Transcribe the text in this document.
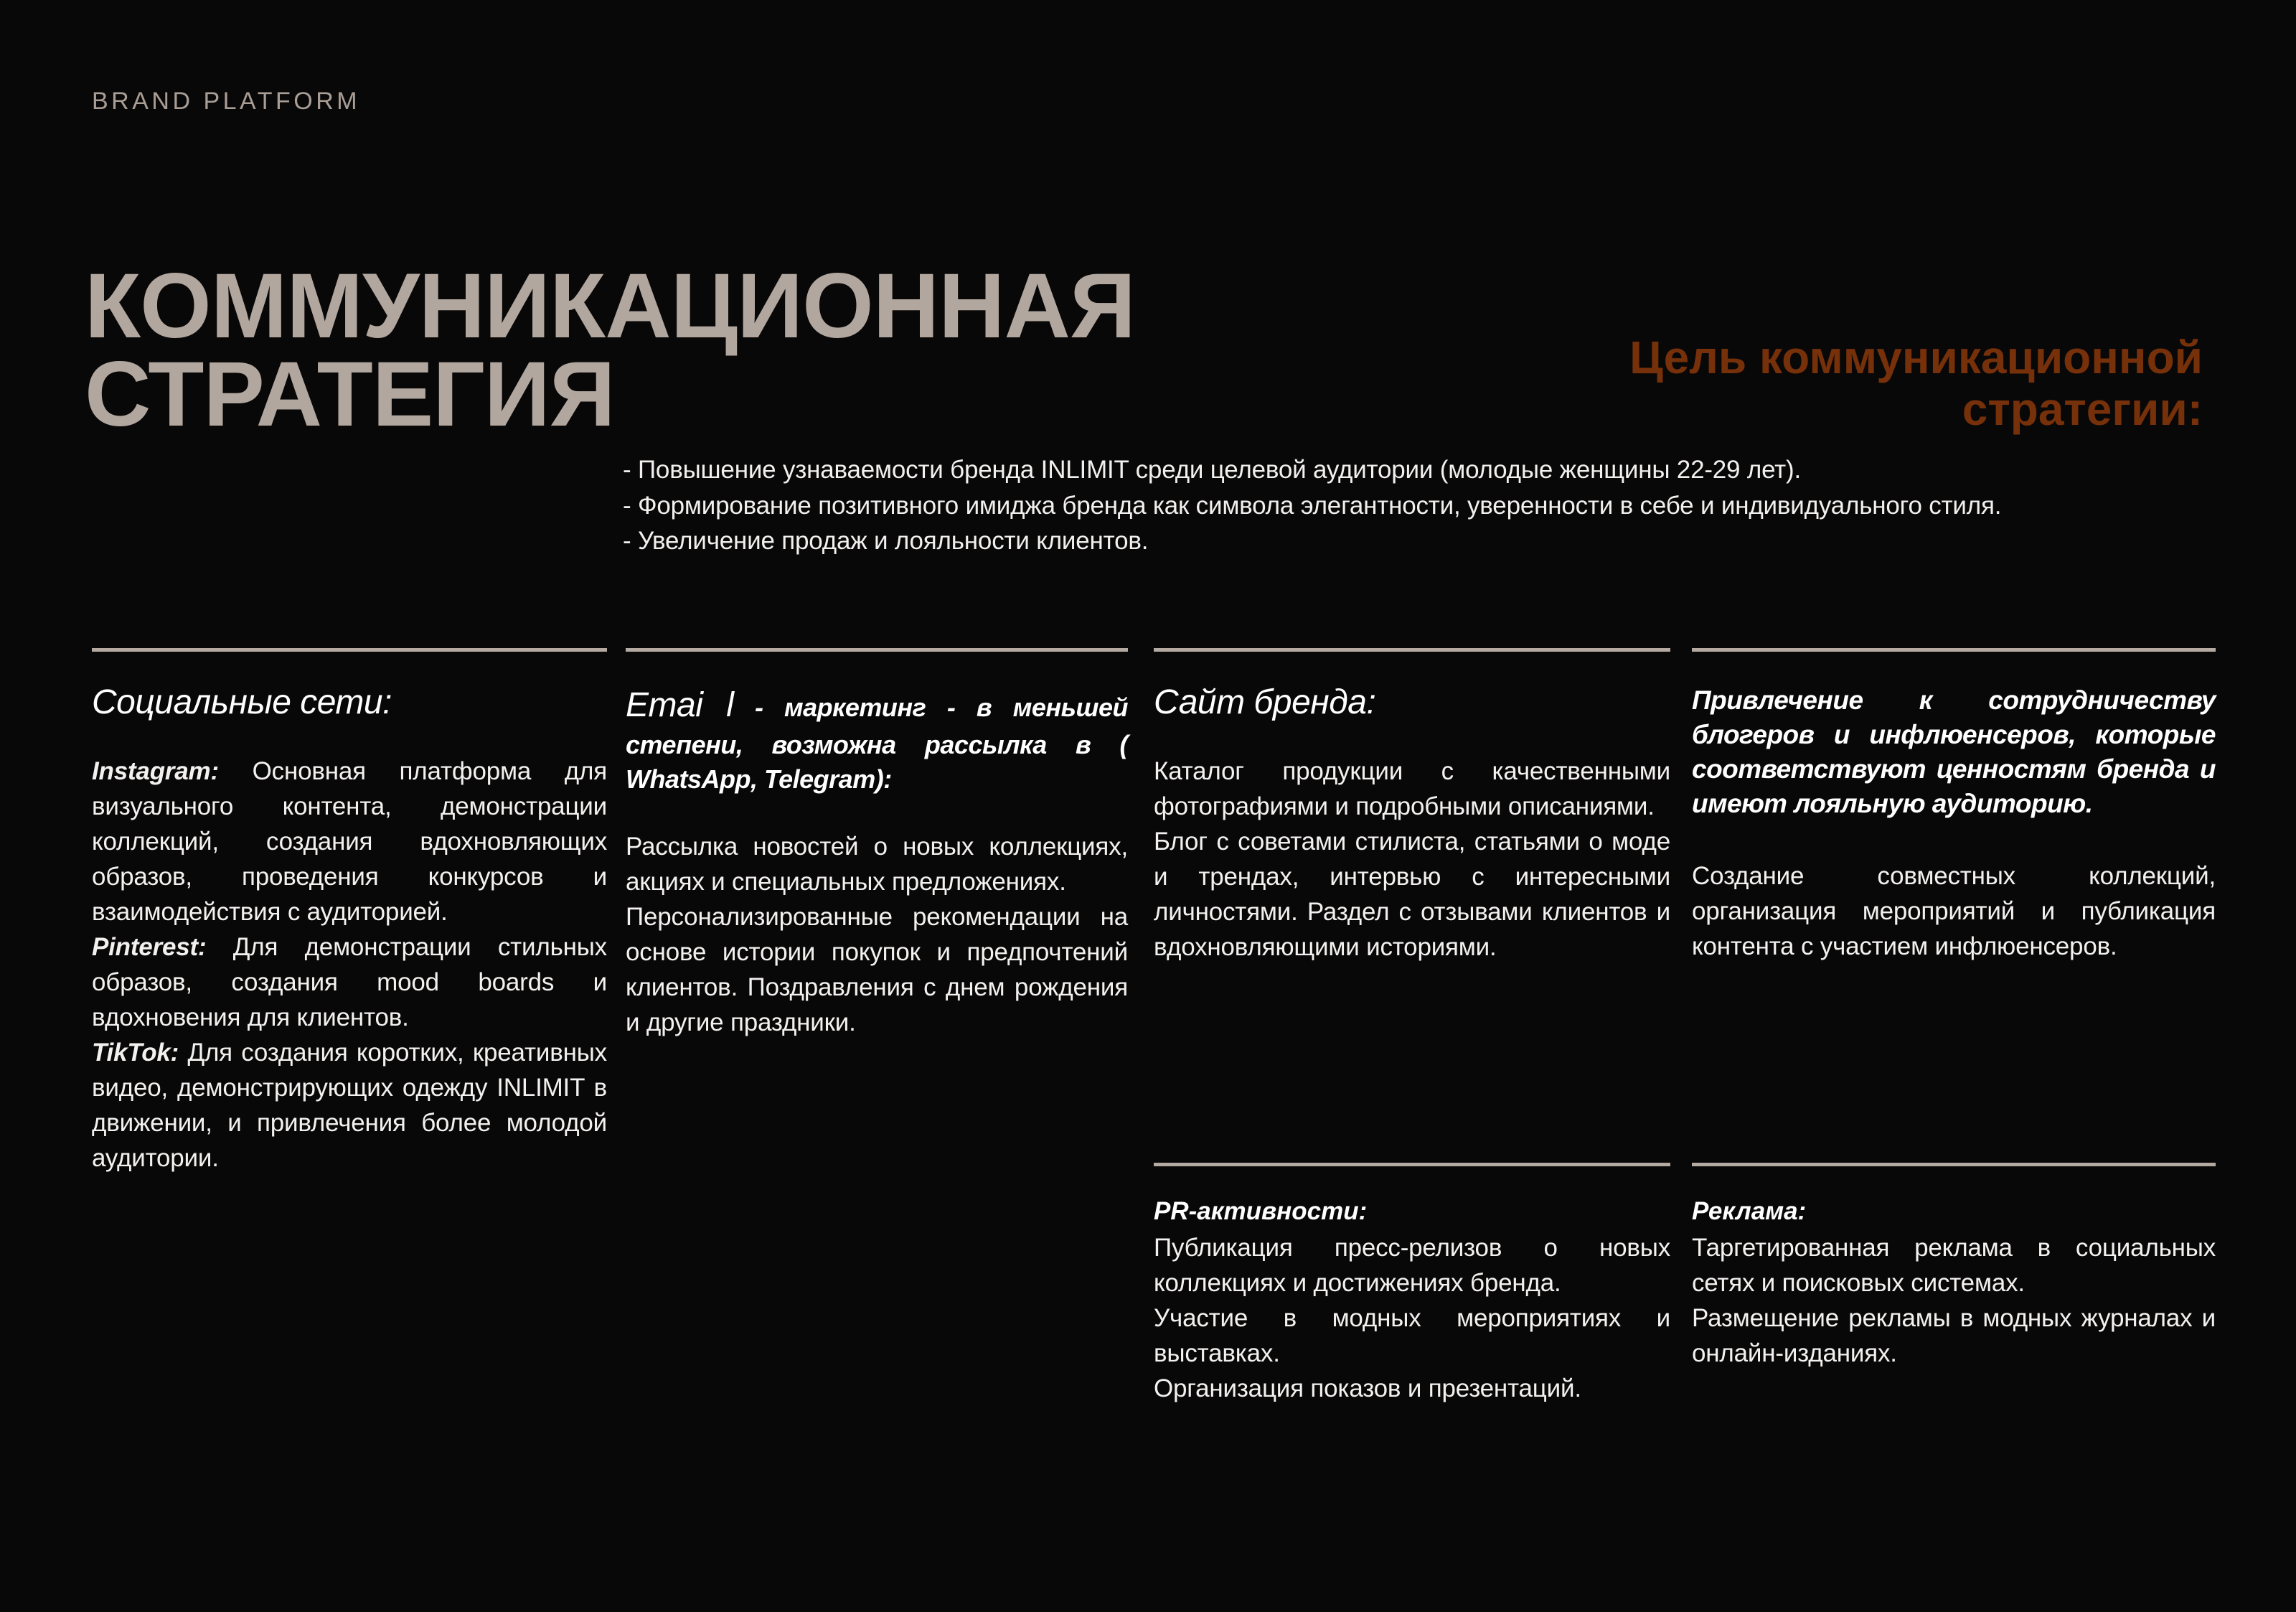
BRAND PLATFORM
КОММУНИКАЦИОННАЯ
СТРАТЕГИЯ	Цель коммуникационной
стратегии:

- Повышение узнаваемости бренда INLIMIT среди целевой аудитории (молодые женщины 22-29 лет).

- Формирование позитивного имиджа бренда как символа элегантности, уверенности в себе и индивидуального стиля.

- Увеличение продаж и лояльности клиентов.

Социальные сети:

Instagram: Основная платформа для визуального контента, демонстрации коллекций, создания вдохновляющих образов, проведения конкурсов и взаимодействия с аудиторией.

Pinterest: Для демонстрации стильных образов, создания mood boards и вдохновения для клиентов.

TikTok: Для создания коротких, креативных видео, демонстрирующих одежду INLIMIT в движении, и привлечения более молодой аудитории.

Emai l - маркетинг - в меньшей степени, возможна рассылка в ( WhatsApp, Telegram):

Рассылка новостей о новых коллекциях, акциях и специальных предложениях.

Персонализированные рекомендации на основе истории покупок и предпочтений клиентов. Поздравления с днем рождения и другие праздники.

Сайт бренда:

Каталог продукции с качественными фотографиями и подробными описаниями.

Блог с советами стилиста, статьями о моде и трендах, интервью с интересными личностями. Раздел с отзывами клиентов и вдохновляющими историями.

Привлечение к сотрудничеству блогеров и инфлюенсеров, которые соответствуют ценностям бренда и имеют лояльную аудиторию.

Создание совместных коллекций, организация мероприятий и публикация контента с участием инфлюенсеров.

PR-активности:

Публикация пресс-релизов о новых коллекциях и достижениях бренда.

Участие в модных мероприятиях и выставках.

Организация показов и презентаций.

Реклама:

Таргетированная реклама в социальных сетях и поисковых системах.

Размещение рекламы в модных журналах и онлайн-изданиях.
